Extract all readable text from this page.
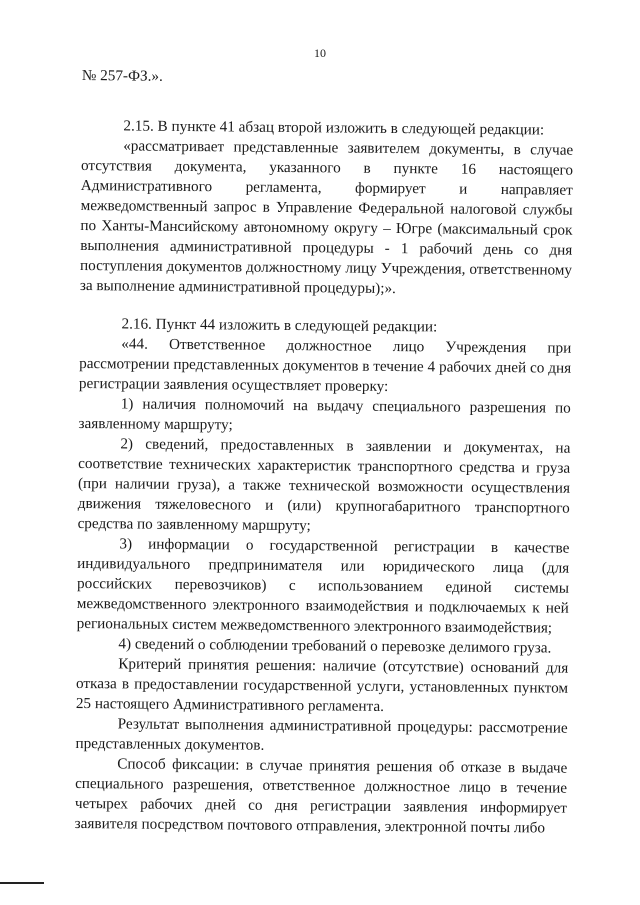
10

№ 257-ФЗ.».

2.15. В пункте 41 абзац второй изложить в следующей редакции:

«рассматривает представленные заявителем документы, в случае отсутствия документа, указанного в пункте 16 настоящего Административного регламента, формирует и направляет межведомственный запрос в Управление Федеральной налоговой службы по Ханты-Мансийскому автономному округу – Югре (максимальный срок выполнения административной процедуры - 1 рабочий день со дня поступления документов должностному лицу Учреждения, ответственному за выполнение административной процедуры);».

2.16. Пункт 44 изложить в следующей редакции:

«44. Ответственное должностное лицо Учреждения при рассмотрении представленных документов в течение 4 рабочих дней со дня регистрации заявления осуществляет проверку:

1) наличия полномочий на выдачу специального разрешения по заявленному маршруту;

2) сведений, предоставленных в заявлении и документах, на соответствие технических характеристик транспортного средства и груза (при наличии груза), а также технической возможности осуществления движения тяжеловесного и (или) крупногабаритного транспортного средства по заявленному маршруту;

3) информации о государственной регистрации в качестве индивидуального предпринимателя или юридического лица (для российских перевозчиков) с использованием единой системы межведомственного электронного взаимодействия и подключаемых к ней региональных систем межведомственного электронного взаимодействия;

4) сведений о соблюдении требований о перевозке делимого груза.

Критерий принятия решения: наличие (отсутствие) оснований для отказа в предоставлении государственной услуги, установленных пунктом 25 настоящего Административного регламента.

Результат выполнения административной процедуры: рассмотрение представленных документов.

Способ фиксации: в случае принятия решения об отказе в выдаче специального разрешения, ответственное должностное лицо в течение четырех рабочих дней со дня регистрации заявления информирует заявителя посредством почтового отправления, электронной почты либо
